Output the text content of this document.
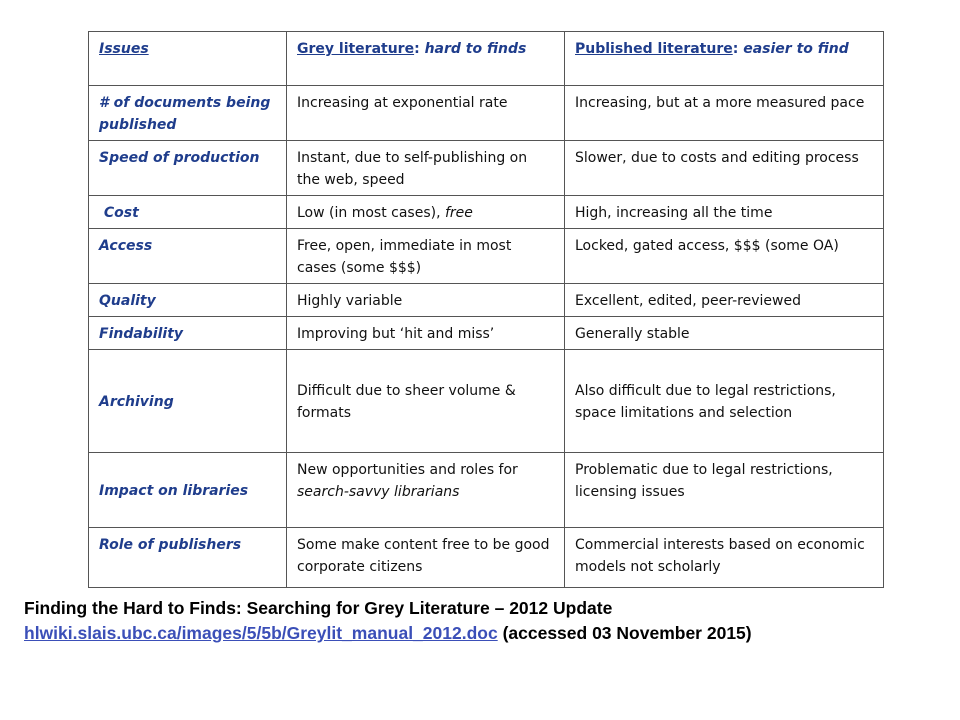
Issues	Grey literature: hard to finds	Published literature: easier to find
# of documents being published	Increasing at exponential rate	Increasing, but at a more measured pace
Speed of production	Instant, due to self-publishing on the web, speed	Slower, due to costs and editing process
Cost	Low (in most cases), free	High, increasing all the time
Access	Free, open, immediate in most cases (some $$$)	Locked, gated access, $$$ (some OA)
Quality	Highly variable	Excellent, edited, peer-reviewed
Findability	Improving but ‘hit and miss’	Generally stable
Archiving	Difficult due to sheer volume & formats	Also difficult due to legal restrictions, space limitations and selection
Impact on libraries	New opportunities and roles for search-savvy librarians	Problematic due to legal restrictions, licensing issues
Role of publishers	Some make content free to be good corporate citizens	Commercial interests based on economic models not scholarly
Finding the Hard to Finds: Searching for Grey Literature – 2012 Update
hlwiki.slais.ubc.ca/images/5/5b/Greylit_manual_2012.doc (accessed 03 November 2015)
